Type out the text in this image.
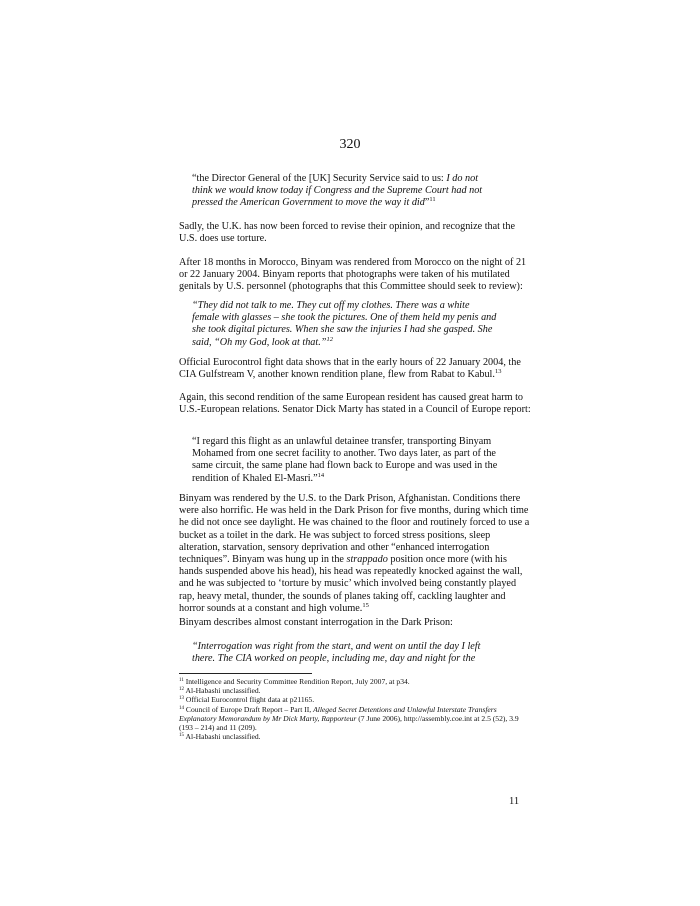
320
“the Director General of the [UK] Security Service said to us: I do not think we would know today if Congress and the Supreme Court had not pressed the American Government to move the way it did”$^{11}$
Sadly, the U.K. has now been forced to revise their opinion, and recognize that the U.S. does use torture.
After 18 months in Morocco, Binyam was rendered from Morocco on the night of 21 or 22 January 2004. Binyam reports that photographs were taken of his mutilated genitals by U.S. personnel (photographs that this Committee should seek to review):
“They did not talk to me. They cut off my clothes. There was a white female with glasses – she took the pictures. One of them held my penis and she took digital pictures. When she saw the injuries I had she gasped. She said, “Oh my God, look at that.”$^{12}$
Official Eurocontrol fight data shows that in the early hours of 22 January 2004, the CIA Gulfstream V, another known rendition plane, flew from Rabat to Kabul.$^{13}$
Again, this second rendition of the same European resident has caused great harm to U.S.-European relations. Senator Dick Marty has stated in a Council of Europe report:
“I regard this flight as an unlawful detainee transfer, transporting Binyam Mohamed from one secret facility to another. Two days later, as part of the same circuit, the same plane had flown back to Europe and was used in the rendition of Khaled El-Masri.”$^{14}$
Binyam was rendered by the U.S. to the Dark Prison, Afghanistan. Conditions there were also horrific. He was held in the Dark Prison for five months, during which time he did not once see daylight. He was chained to the floor and routinely forced to use a bucket as a toilet in the dark. He was subject to forced stress positions, sleep alteration, starvation, sensory deprivation and other “enhanced interrogation techniques”. Binyam was hung up in the strappado position once more (with his hands suspended above his head), his head was repeatedly knocked against the wall, and he was subjected to ‘torture by music’ which involved being constantly played rap, heavy metal, thunder, the sounds of planes taking off, cackling laughter and horror sounds at a constant and high volume.$^{15}$
Binyam describes almost constant interrogation in the Dark Prison:
“Interrogation was right from the start, and went on until the day I left there. The CIA worked on people, including me, day and night for the

$^{11}$ Intelligence and Security Committee Rendition Report, July 2007, at p34.

$^{12}$ Al-Habashi unclassified.

$^{13}$ Official Eurocontrol flight data at p21165.

$^{14}$ Council of Europe Draft Report – Part II, Alleged Secret Detentions and Unlawful Interstate Transfers Explanatory Memorandum by Mr Dick Marty, Rapporteur (7 June 2006), http://assembly.coe.int at 2.5 (52), 3.9 (193 – 214) and 11 (209).

$^{15}$ Al-Habashi unclassified.

11
